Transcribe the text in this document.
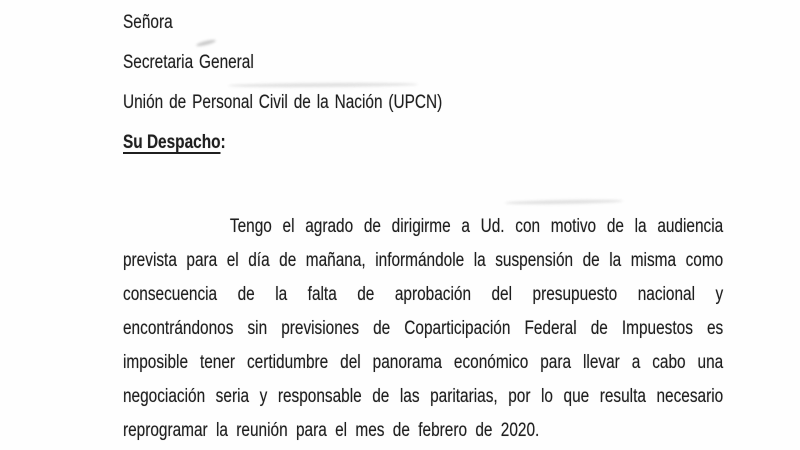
Señora
Secretaria General
Unión de Personal Civil de la Nación (UPCN)
Su Despacho:
Tengo el agrado de dirigirme a Ud. con motivo de la audiencia
prevista para el día de mañana, informándole la suspensión de la misma como
consecuencia de la falta de aprobación del presupuesto nacional y
encontrándonos sin previsiones de Coparticipación Federal de Impuestos es
imposible tener certidumbre del panorama económico para llevar a cabo una
negociación seria y responsable de las paritarias, por lo que resulta necesario
reprogramar la reunión para el mes de febrero de 2020.
